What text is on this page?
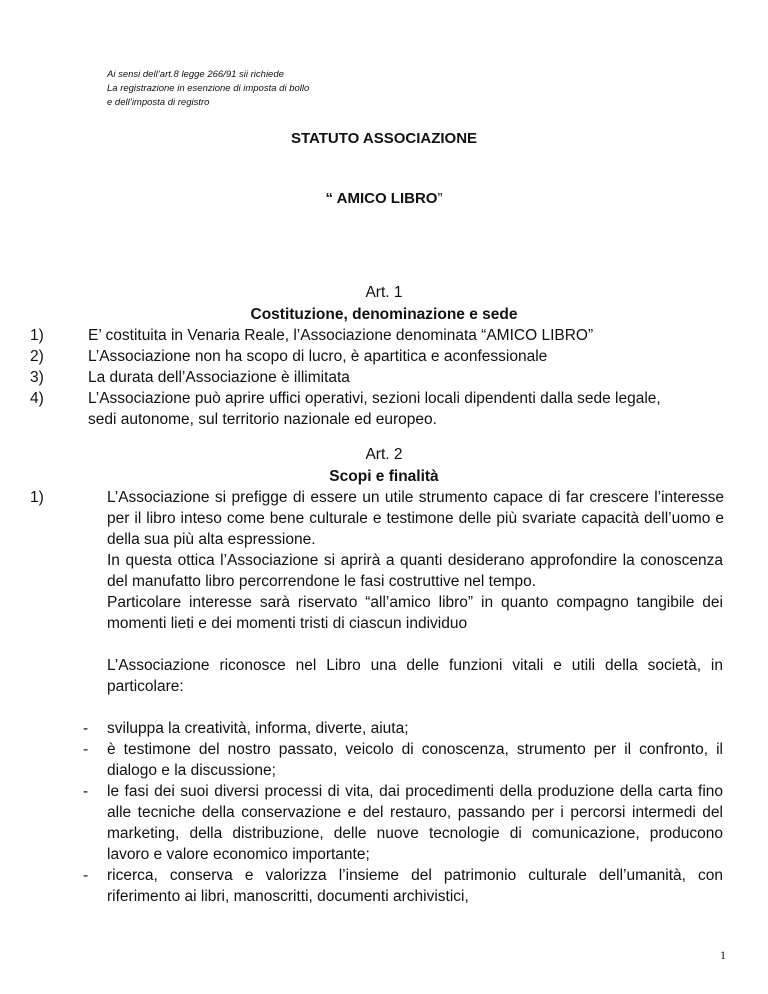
Ai sensi dell’art.8 legge 266/91 sii richiede
La registrazione in esenzione di imposta di bollo
e dell’imposta di registro
STATUTO ASSOCIAZIONE
“ AMICO LIBRO”
Art. 1
Costituzione, denominazione e sede
1)	E’ costituita in Venaria Reale, l’Associazione denominata “AMICO LIBRO”
2)	L’Associazione non ha scopo di lucro, è apartitica e aconfessionale
3)	La durata dell’Associazione è illimitata
4)	L’Associazione può aprire uffici operativi, sezioni locali dipendenti dalla sede legale, sedi autonome, sul territorio nazionale ed europeo.
Art. 2
Scopi e finalità
1)	L’Associazione si prefigge di essere un utile strumento capace di far crescere l’interesse per il libro inteso come bene culturale e testimone delle più svariate capacità dell’uomo e della sua più alta espressione.
In questa ottica l’Associazione si aprirà a quanti desiderano approfondire la conoscenza del manufatto libro percorrendone le fasi costruttive nel tempo.
Particolare interesse sarà riservato “all’amico libro” in quanto compagno tangibile dei momenti lieti e dei momenti tristi di ciascun individuo
L’Associazione riconosce nel Libro una delle funzioni vitali e utili della società, in particolare:
- sviluppa la creatività, informa, diverte, aiuta;
- è testimone del nostro passato, veicolo di conoscenza, strumento per il confronto, il dialogo e la discussione;
- le fasi dei suoi diversi processi di vita, dai procedimenti della produzione della carta fino alle tecniche della conservazione e del restauro, passando per i percorsi intermedi del marketing, della distribuzione, delle nuove tecnologie di comunicazione, producono lavoro e valore economico importante;
- ricerca, conserva e valorizza l’insieme del patrimonio culturale dell’umanità, con riferimento ai libri, manoscritti, documenti archivistici,
1
